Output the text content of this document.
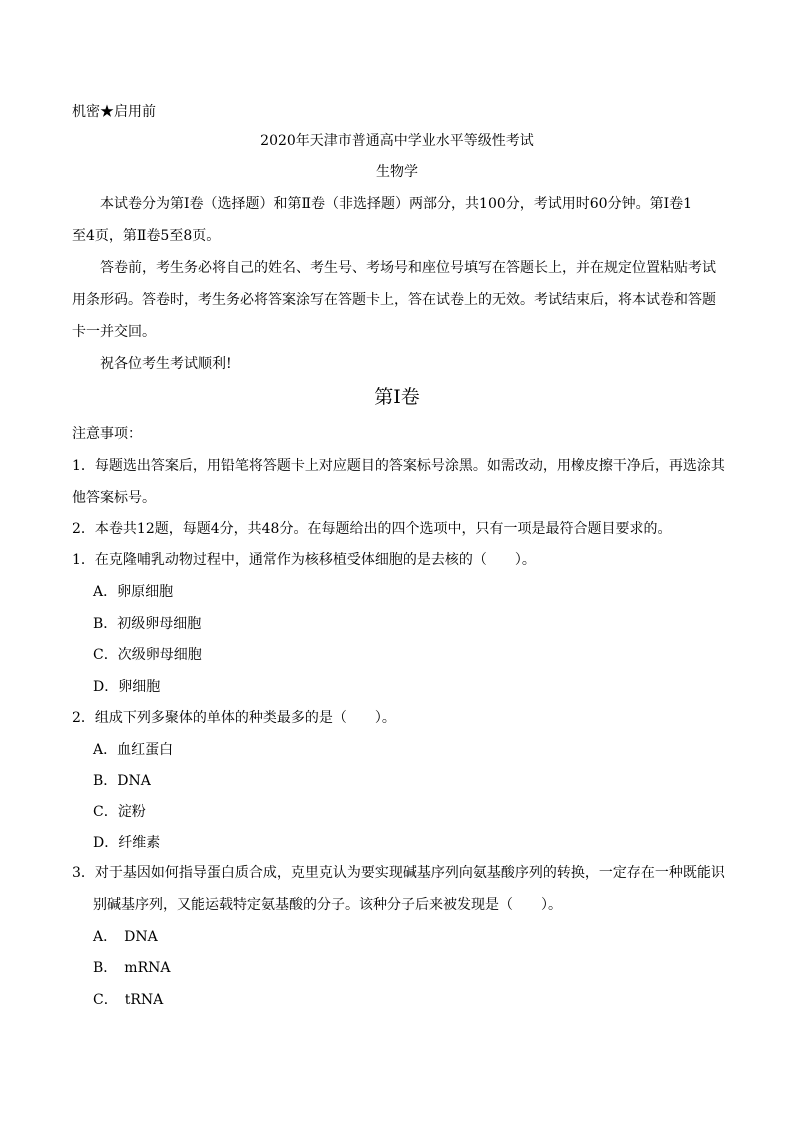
机密★启用前
2020年天津市普通高中学业水平等级性考试
生物学
本试卷分为第Ⅰ卷（选择题）和第Ⅱ卷（非选择题）两部分，共100分，考试用时60分钟。第Ⅰ卷1
至4页，第Ⅱ卷5至8页。
答卷前，考生务必将自己的姓名、考生号、考场号和座位号填写在答题长上，并在规定位置粘贴考试
用条形码。答卷时，考生务必将答案涂写在答题卡上，答在试卷上的无效。考试结束后，将本试卷和答题
卡一并交回。
祝各位考生考试顺利!
第Ⅰ卷
注意事项：
1．每题选出答案后，用铅笔将答题卡上对应题目的答案标号涂黑。如需改动，用橡皮擦干净后，再选涂其
他答案标号。
2．本卷共12题，每题4分，共48分。在每题给出的四个选项中，只有一项是最符合题目要求的。
1．在克隆哺乳动物过程中，通常作为核移植受体细胞的是去核的（　　）。
A．卵原细胞
B．初级卵母细胞
C．次级卵母细胞
D．卵细胞
2．组成下列多聚体的单体的种类最多的是（　　）。
A．血红蛋白
B．DNA
C．淀粉
D．纤维素
3．对于基因如何指导蛋白质合成，克里克认为要实现碱基序列向氨基酸序列的转换，一定存在一种既能识
别碱基序列，又能运载特定氨基酸的分子。该种分子后来被发现是（　　）。
A．　DNA
B．　mRNA
C．　tRNA
